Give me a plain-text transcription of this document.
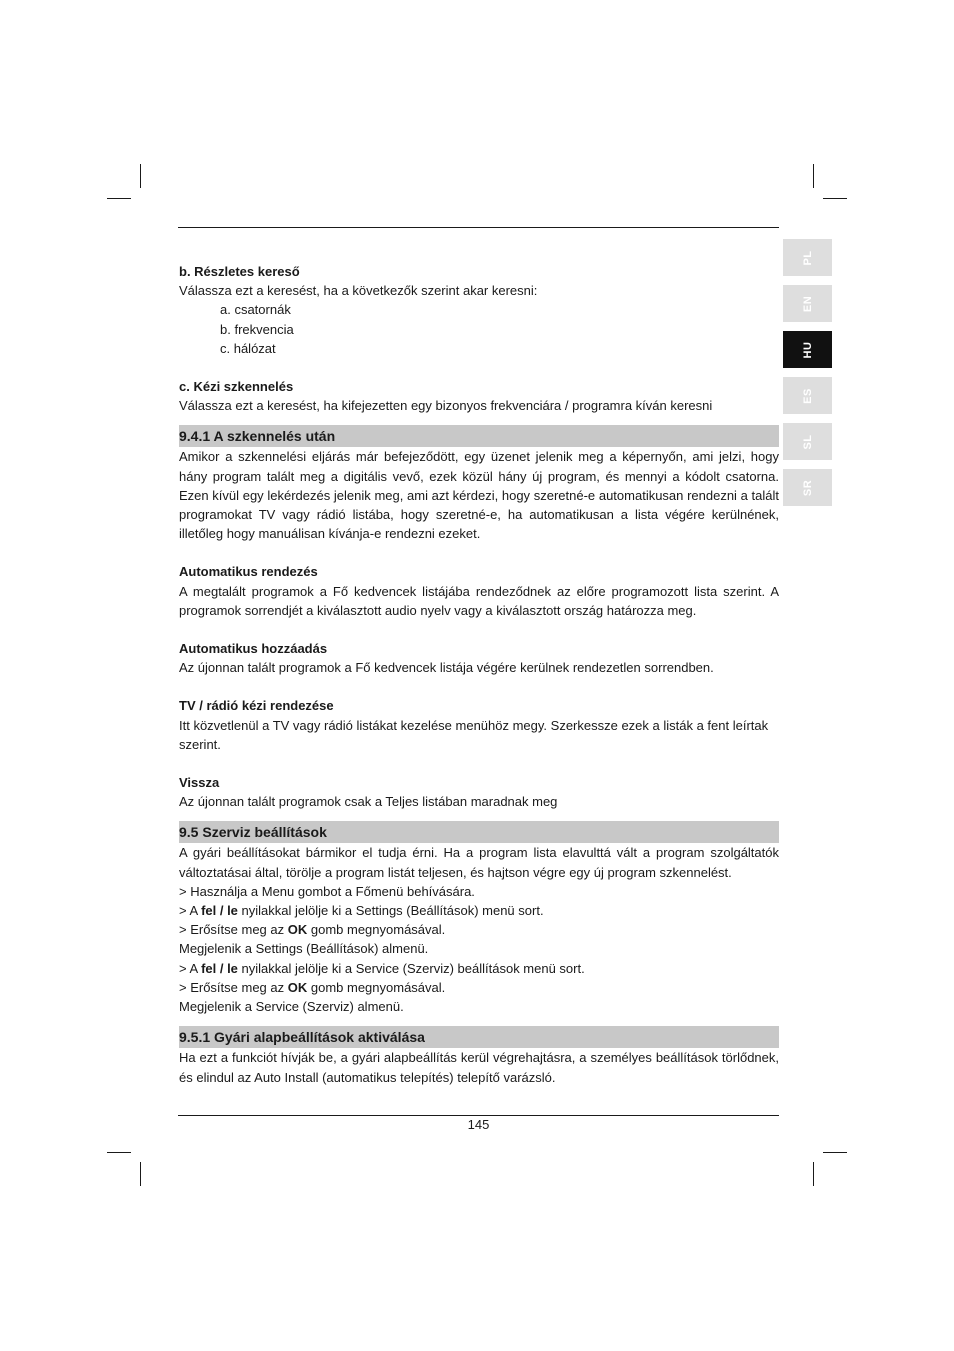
PL
EN
HU
ES
SL
SR

b. Részletes kereső

Válassza ezt a keresést, ha a következők szerint akar keresni:

a. csatornák

b. frekvencia

c. hálózat

c. Kézi szkennelés

Válassza ezt a keresést, ha kifejezetten egy bizonyos frekvenciára / programra kíván keresni

9.4.1 A szkennelés után

Amikor a szkennelési eljárás már befejeződött, egy üzenet jelenik meg a képernyőn, ami jelzi, hogy hány program talált meg a digitális vevő, ezek közül hány új program, és mennyi a kódolt csatorna. Ezen kívül egy lekérdezés jelenik meg, ami azt kérdezi, hogy szeretné-e automatikusan rendezni a talált programokat TV vagy rádió listába, hogy szeretné-e, ha automatikusan a lista végére kerülnének, illetőleg hogy manuálisan kívánja-e rendezni ezeket.

Automatikus rendezés

A megtalált programok a Fő kedvencek listájába rendeződnek az előre programozott lista szerint. A programok sorrendjét a kiválasztott audio nyelv vagy a kiválasztott ország határozza meg.

Automatikus hozzáadás

Az újonnan talált programok a Fő kedvencek listája végére kerülnek rendezetlen sorrendben.

TV / rádió kézi rendezése

Itt közvetlenül a TV vagy rádió listákat kezelése menühöz megy. Szerkessze ezek a listák a fent leírtak szerint.

Vissza

Az újonnan talált programok csak a Teljes listában maradnak meg

9.5 Szerviz beállítások

A gyári beállításokat bármikor el tudja érni. Ha a program lista elavulttá vált a program szolgáltatók változtatásai által, törölje a program listát teljesen, és hajtson végre egy új program szkennelést.

> Használja a Menu gombot a Főmenü behívására.

> A fel / le nyilakkal jelölje ki a Settings (Beállítások) menü sort.

> Erősítse meg az OK gomb megnyomásával.

Megjelenik a Settings (Beállítások) almenü.

> A fel / le nyilakkal jelölje ki a Service (Szerviz) beállítások menü sort.

> Erősítse meg az OK gomb megnyomásával.

Megjelenik a Service (Szerviz) almenü.

9.5.1 Gyári alapbeállítások aktiválása

Ha ezt a funkciót hívják be, a gyári alapbeállítás kerül végrehajtásra, a személyes beállítások törlődnek, és elindul az Auto Install (automatikus telepítés) telepítő varázsló.

145
